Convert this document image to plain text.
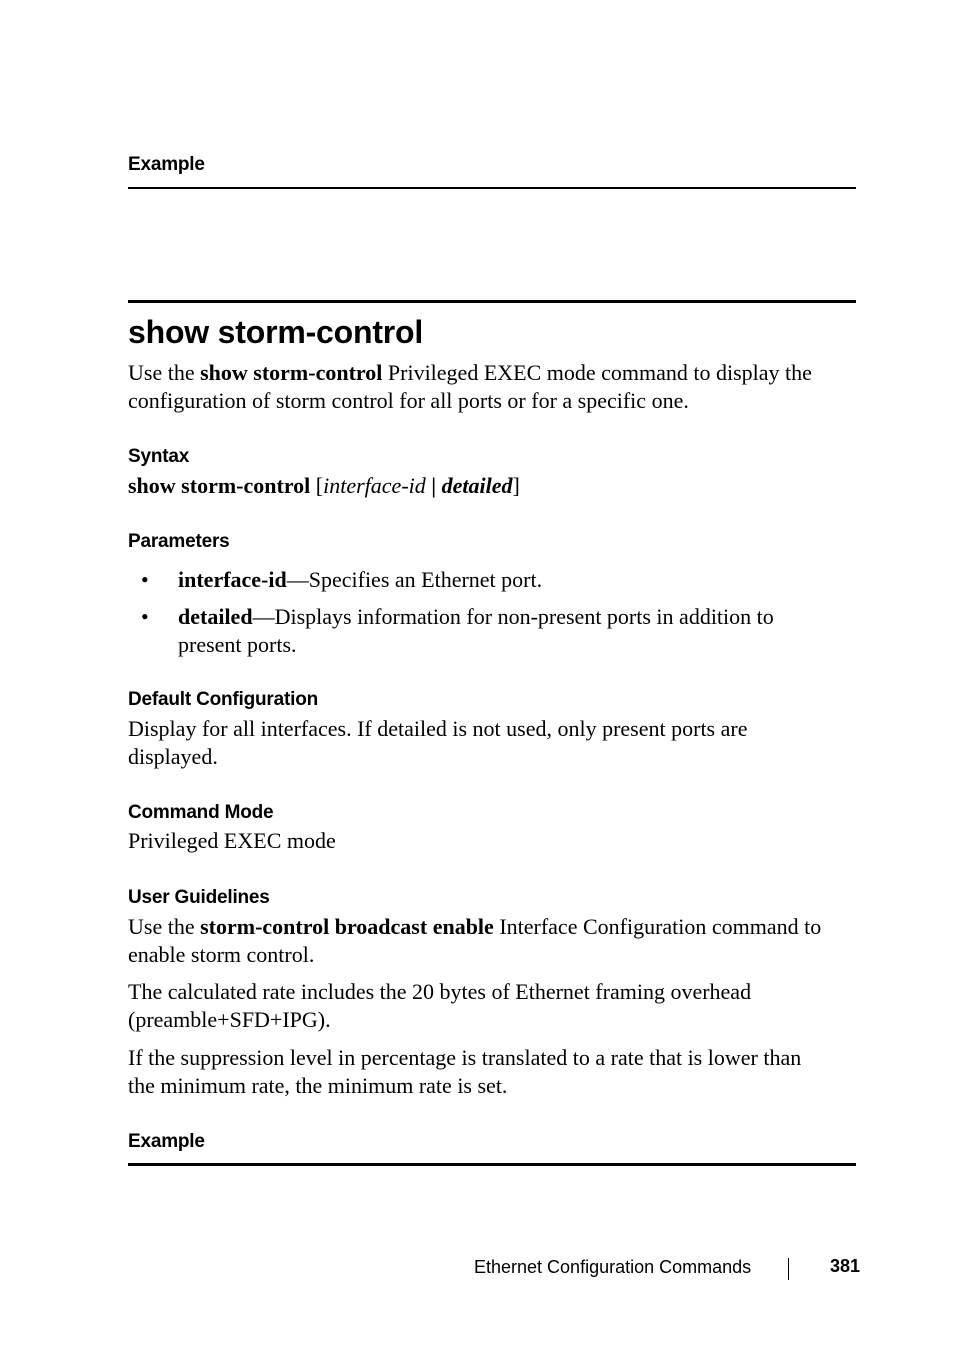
Example
show storm-control

Use the show storm-control Privileged EXEC mode command to display the
configuration of storm control for all ports or for a specific one.

Syntax

show storm-control [interface-id | detailed]

Parameters
• interface-id—Specifies an Ethernet port.
• detailed—Displays information for non-present ports in addition to
present ports.
Default Configuration

Display for all interfaces. If detailed is not used, only present ports are
displayed.

Command Mode

Privileged EXEC mode

User Guidelines

Use the storm-control broadcast enable Interface Configuration command to
enable storm control.

The calculated rate includes the 20 bytes of Ethernet framing overhead
(preamble+SFD+IPG).

If the suppression level in percentage is translated to a rate that is lower than
the minimum rate, the minimum rate is set.

Example
Ethernet Configuration Commands	381
